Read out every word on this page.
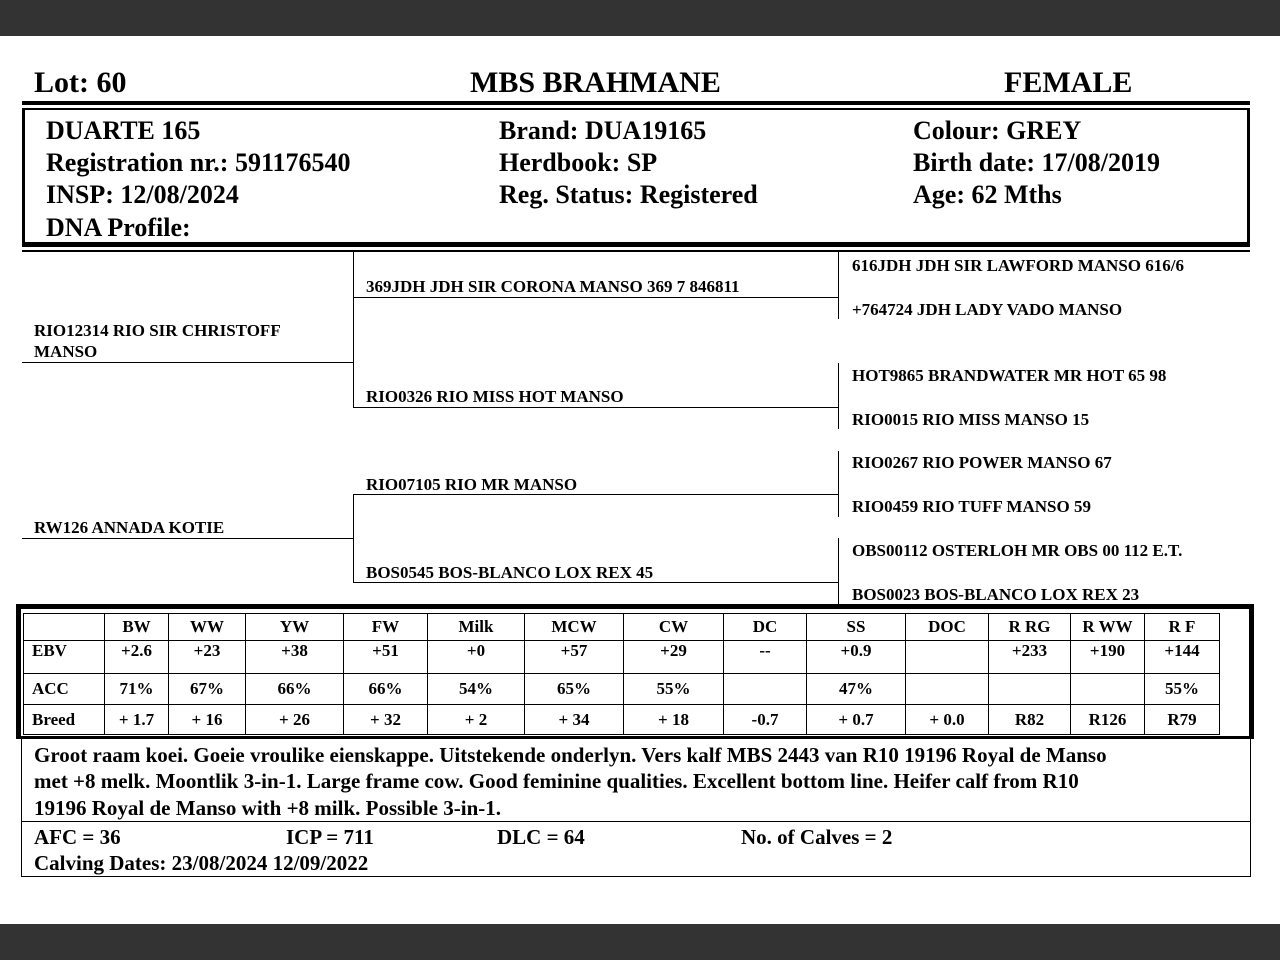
Lot: 60	MBS BRAHMANE	FEMALE
DUARTE 165
Registration nr.: 591176540
INSP: 12/08/2024
DNA Profile:
Brand: DUA19165
Herdbook: SP
Reg. Status: Registered
Colour: GREY
Birth date: 17/08/2019
Age: 62 Mths
RIO12314 RIO SIR CHRISTOFF MANSO
RW126 ANNADA KOTIE
369JDH JDH SIR CORONA MANSO 369 7 846811
RIO0326 RIO MISS HOT MANSO
RIO07105 RIO MR MANSO
BOS0545 BOS-BLANCO LOX REX 45
616JDH JDH SIR LAWFORD MANSO 616/6
+764724 JDH LADY VADO MANSO
HOT9865 BRANDWATER MR HOT 65 98
RIO0015 RIO MISS MANSO 15
RIO0267 RIO POWER MANSO 67
RIO0459 RIO TUFF MANSO 59
OBS00112 OSTERLOH MR OBS 00 112 E.T.
BOS0023 BOS-BLANCO LOX REX 23
	BW	WW	YW	FW	Milk	MCW	CW	DC	SS	DOC	R RG	R WW	R F
EBV	+2.6	+23	+38	+51	+0	+57	+29	--	+0.9		+233	+190	+144
ACC	71%	67%	66%	66%	54%	65%	55%		47%				55%
Breed	+ 1.7	+ 16	+ 26	+ 32	+ 2	+ 34	+ 18	-0.7	+ 0.7	+ 0.0	R82	R126	R79
Groot raam koei. Goeie vroulike eienskappe. Uitstekende onderlyn. Vers kalf MBS 2443 van R10 19196 Royal de Manso
met +8 melk. Moontlik 3-in-1. Large frame cow. Good feminine qualities. Excellent bottom line. Heifer calf from R10
19196 Royal de Manso with +8 milk. Possible 3-in-1.
AFC = 36	ICP = 711	DLC = 64	No. of Calves = 2
Calving Dates: 23/08/2024 12/09/2022
